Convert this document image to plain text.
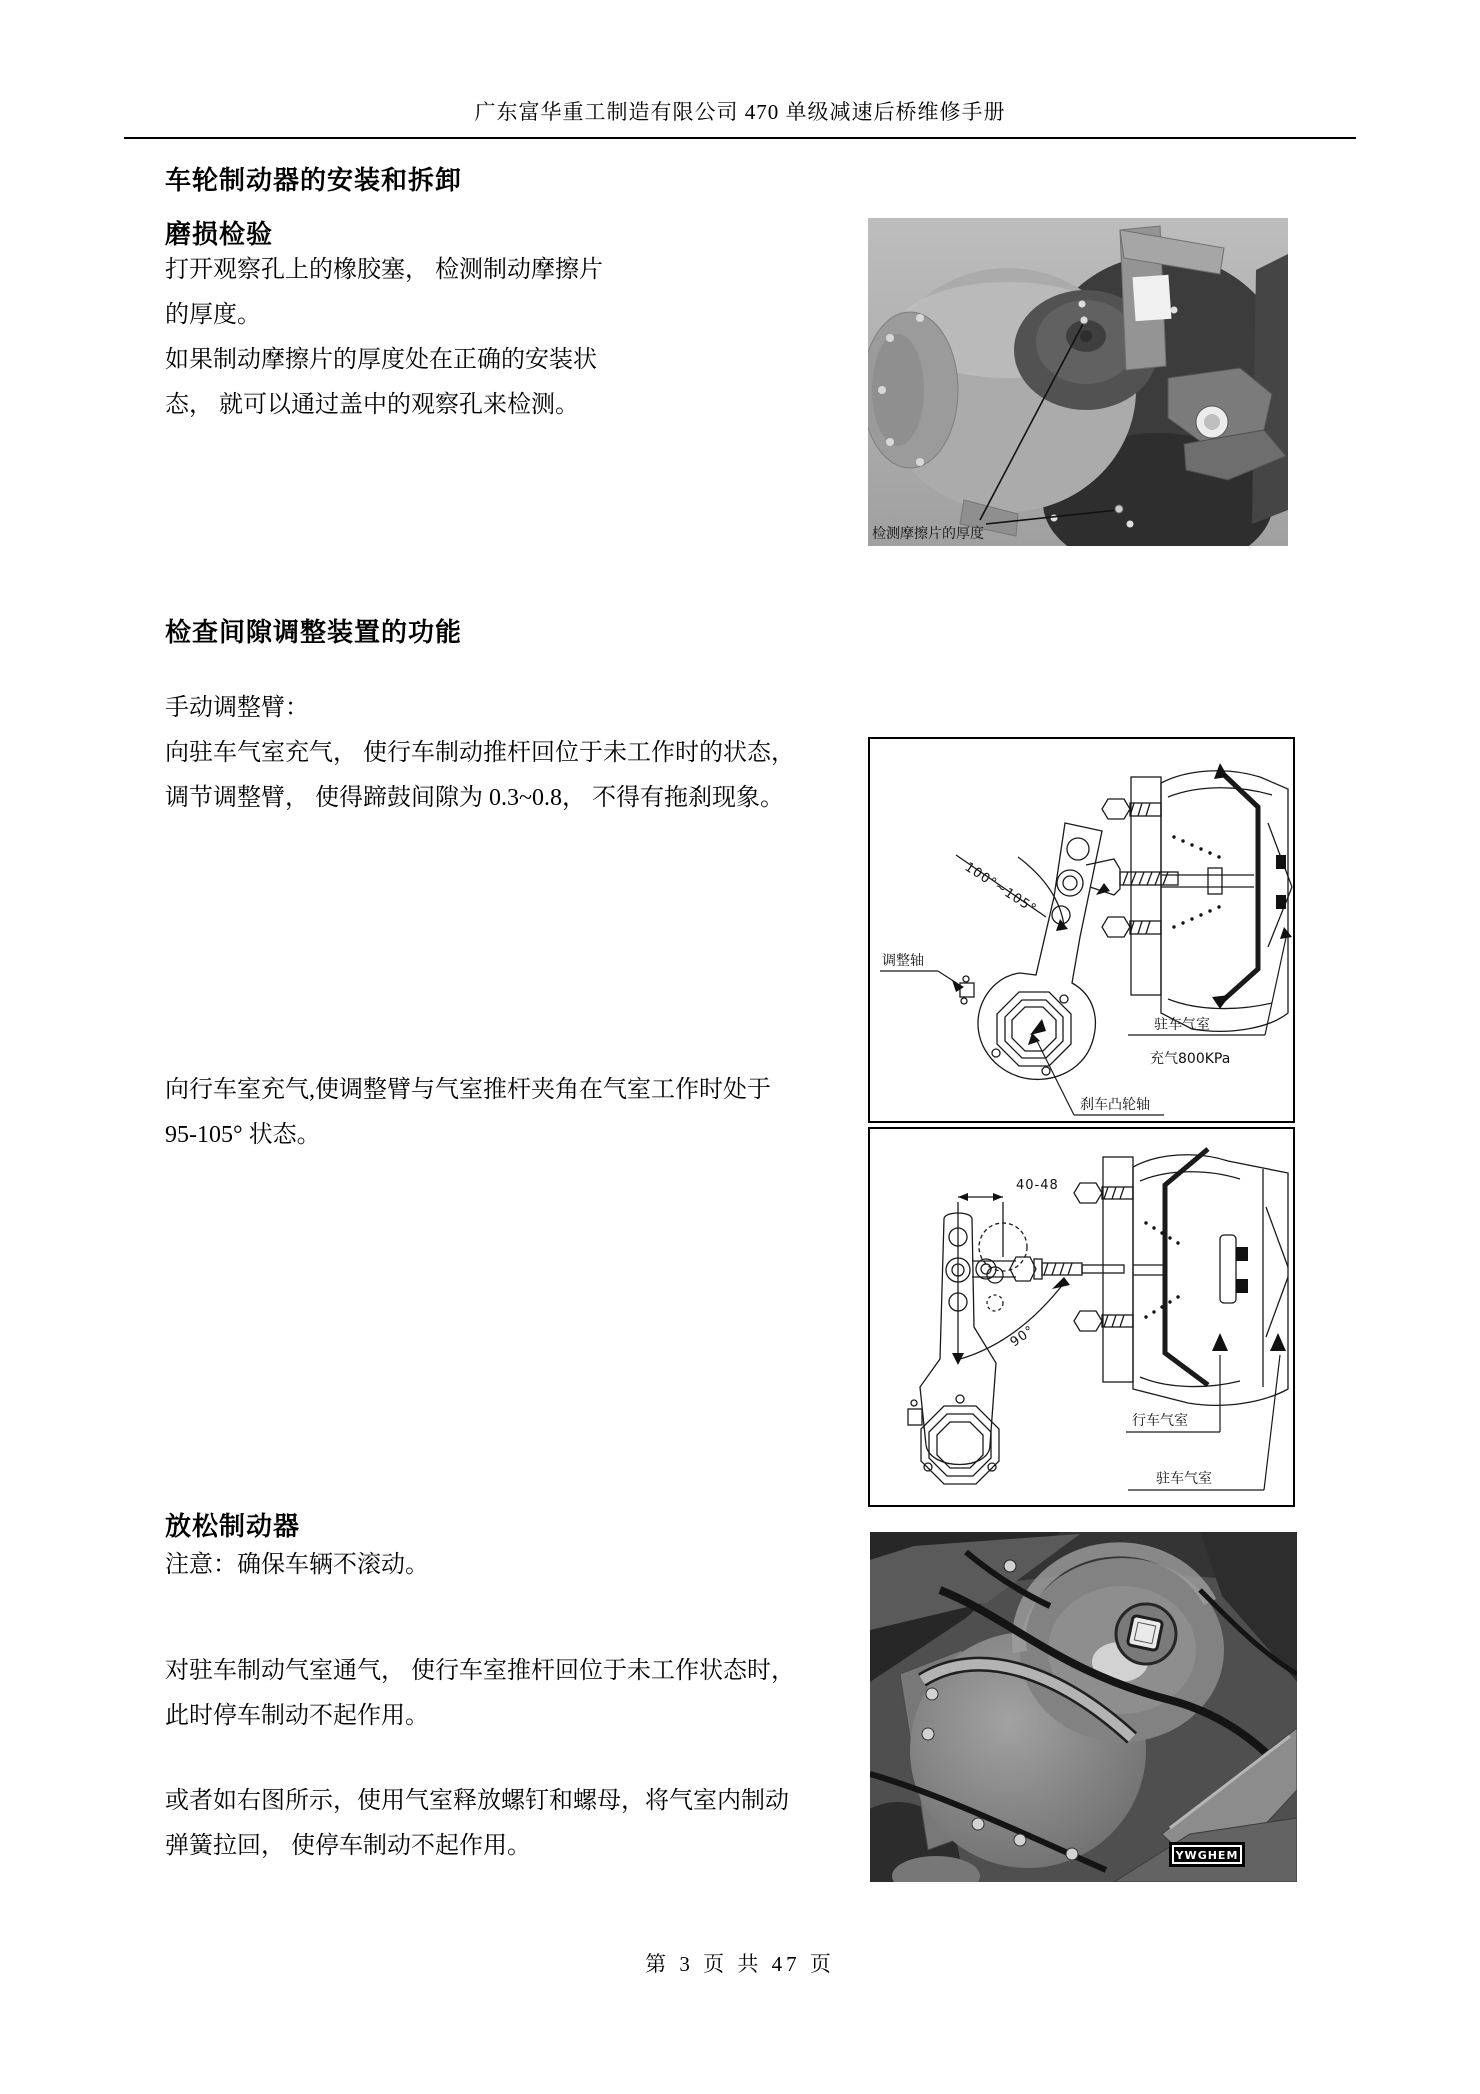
广东富华重工制造有限公司 470 单级减速后桥维修手册
车轮制动器的安装和拆卸
磨损检验
打开观察孔上的橡胶塞， 检测制动摩擦片
的厚度。
如果制动摩擦片的厚度处在正确的安装状
态， 就可以通过盖中的观察孔来检测。
检测摩擦片的厚度
检查间隙调整装置的功能
手动调整臂：
向驻车气室充气， 使行车制动推杆回位于未工作时的状态，
调节调整臂， 使得蹄鼓间隙为 0.3~0.8， 不得有拖刹现象。
向行车室充气,使调整臂与气室推杆夹角在气室工作时处于
95-105° 状态。
100°~105°
调整轴
驻车气室
充气800KPa
刹车凸轮轴
40-48
90°
行车气室
驻车气室
放松制动器
注意：确保车辆不滚动。
对驻车制动气室通气， 使行车室推杆回位于未工作状态时，
此时停车制动不起作用。
或者如右图所示，使用气室释放螺钉和螺母，将气室内制动
弹簧拉回， 使停车制动不起作用。	YWGHEM
第 3 页 共 47 页
